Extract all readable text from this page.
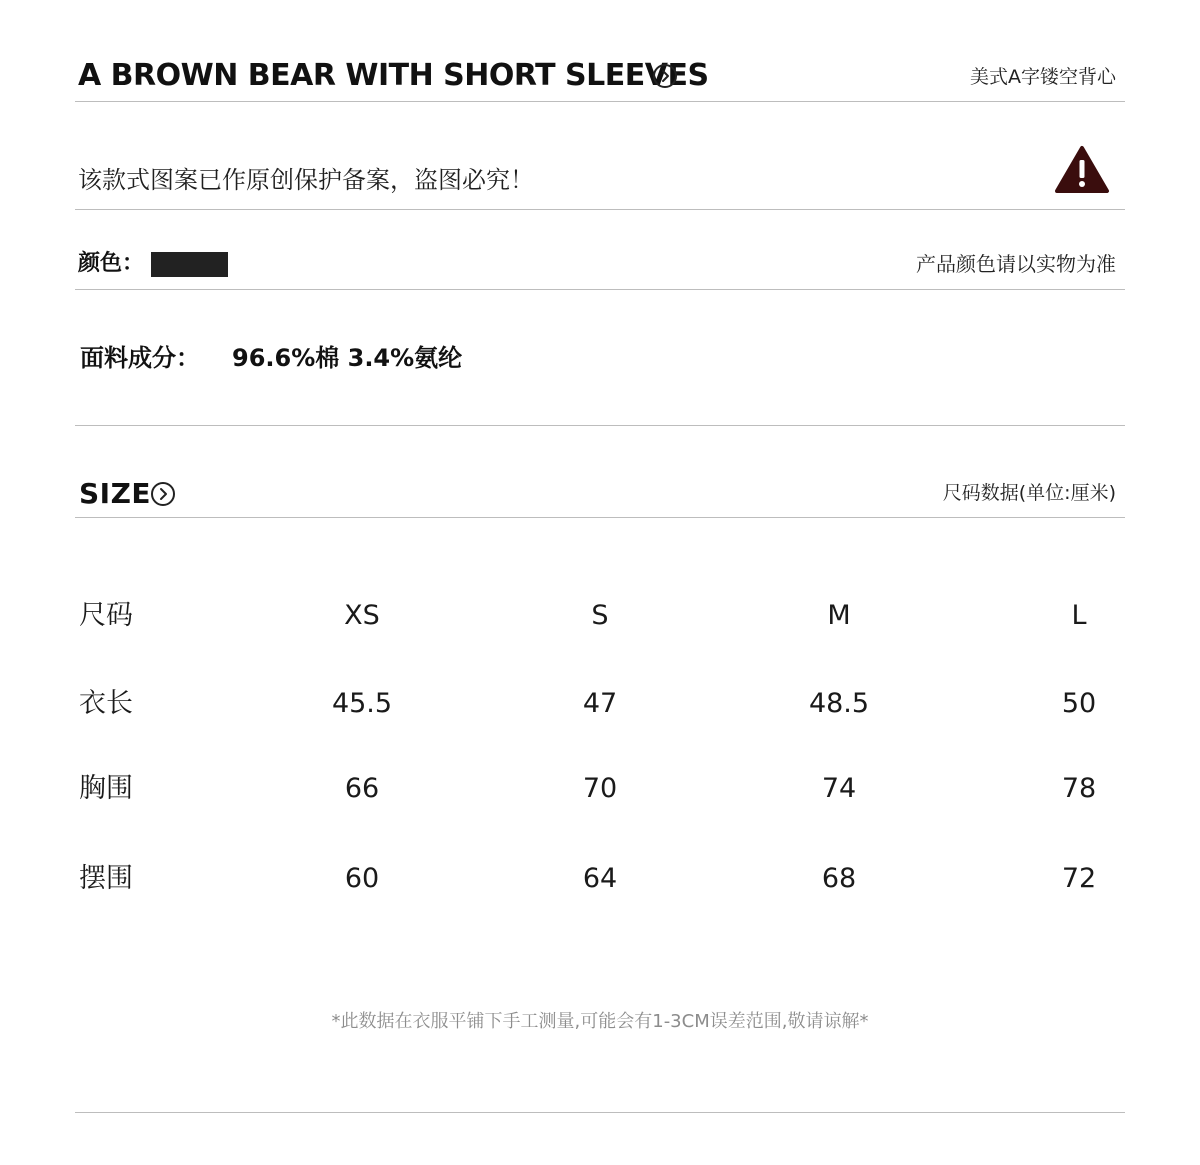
A BROWN BEAR WITH SHORT SLEEVES	美式A字镂空背心
该款式图案已作原创保护备案，盗图必究！
颜色：	产品颜色请以实物为准
面料成分： 96.6%棉 3.4%氨纶
SIZE	尺码数据(单位:厘米)
尺码	XS	S	M	L
衣长	45.5	47	48.5	50
胸围	66	70	74	78
摆围	60	64	68	72
*此数据在衣服平铺下手工测量,可能会有1-3CM误差范围,敬请谅解*
